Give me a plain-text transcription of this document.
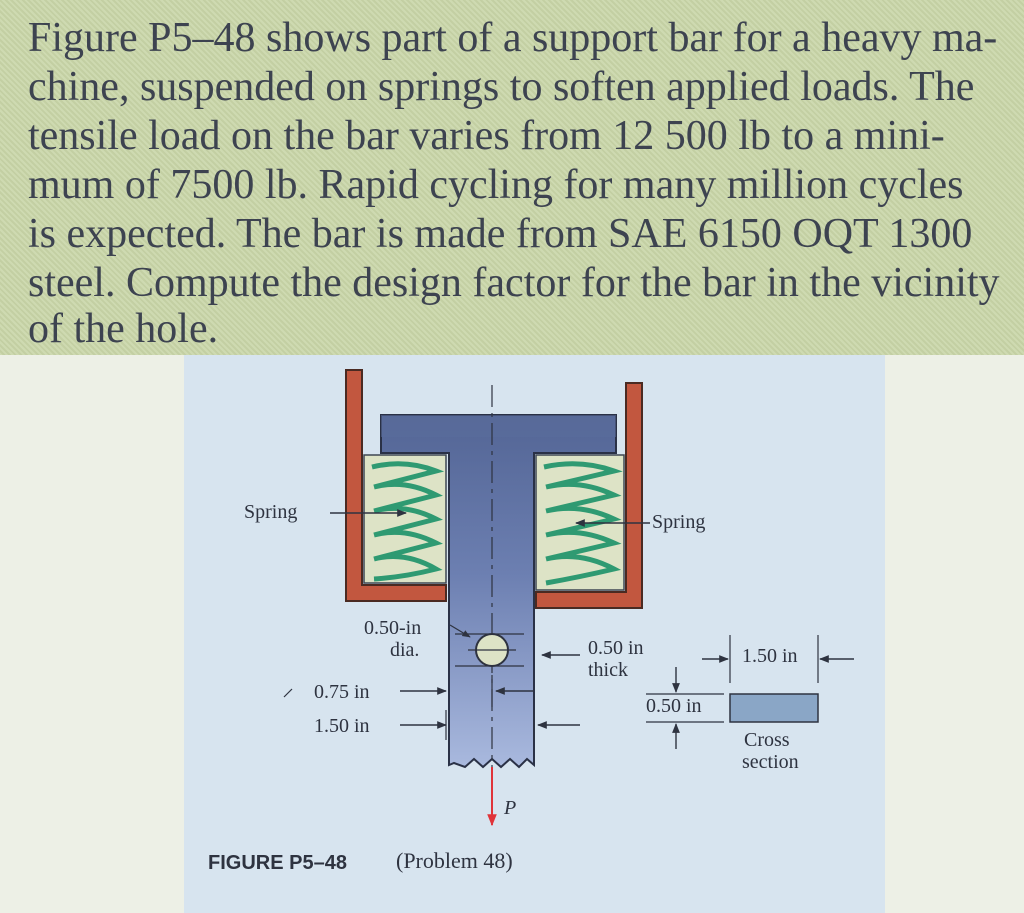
Figure P5–48 shows part of a support bar for a heavy ma-
chine, suspended on springs to soften applied loads. The
tensile load on the bar varies from 12 500 lb to a mini-
mum of 7500 lb. Rapid cycling for many million cycles
is expected. The bar is made from SAE 6150 OQT 1300
steel. Compute the design factor for the bar in the vicinity
of the hole.
Spring	Spring
0.50-in
dia.	0.50 in
thick
0.75 in
1.50 in
1.50 in
0.50 in
Cross
section
P
FIGURE P5–48 (Problem 48)
